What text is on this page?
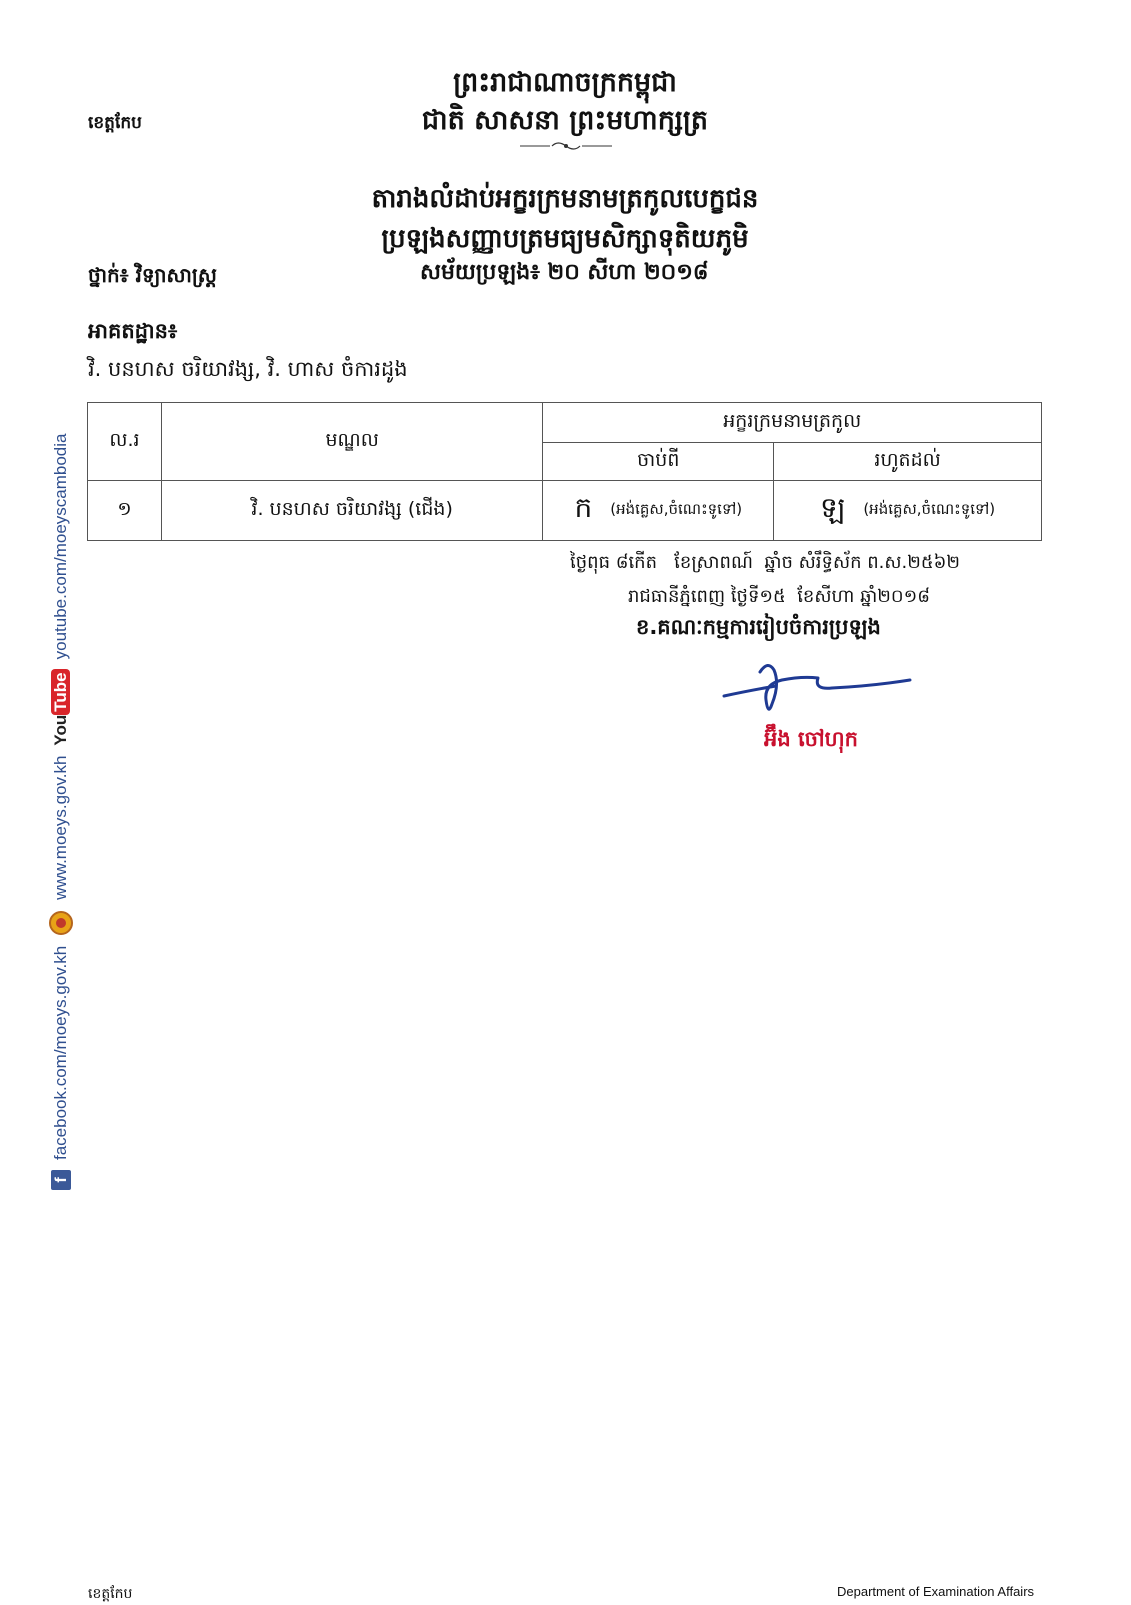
ព្រះរាជាណាចក្រកម្ពុជា
ជាតិ សាសនា ព្រះមហាក្សត្រ
ខេត្តកែប
តារាងលំដាប់អក្ខរក្រមនាមត្រកូលបេក្ខជន
ប្រឡងសញ្ញាបត្រមធ្យមសិក្សាទុតិយភូមិ
ថ្នាក់៖ វិទ្យាសាស្ត្រ	សម័យប្រឡង៖ ២០ សីហា ២០១៨
អាគតដ្ឋាន៖
វិ. បនហស ចរិយាវង្ស, វិ. ហាស ចំការដូង
ល.រ	មណ្ឌល	អក្ខរក្រមនាមត្រកូល	
		ចាប់ពី	រហូតដល់
១	វិ. បនហស ចរិយាវង្ស (ជើង)	ក (អង់គ្លេស,ចំណេះទូទៅ)	ឡ (អង់គ្លេស,ចំណេះទូទៅ)
ថ្ងៃពុធ ៨កើត   ខែស្រាពណ៍  ឆ្នាំច សំរឹទ្ធិស័ក ព.ស.២៥៦២
រាជធានីភ្នំពេញ ថ្ងៃទី១៥  ខែសីហា ឆ្នាំ២០១៨
ខ.គណៈកម្មការរៀបចំការប្រឡង
អ៊ឹង ចៅហុក
f
facebook.com/moeys.gov.kh
www.moeys.gov.kh
YouTube
youtube.com/moeyscambodia
ខេត្តកែប	Department of Examination Affairs
